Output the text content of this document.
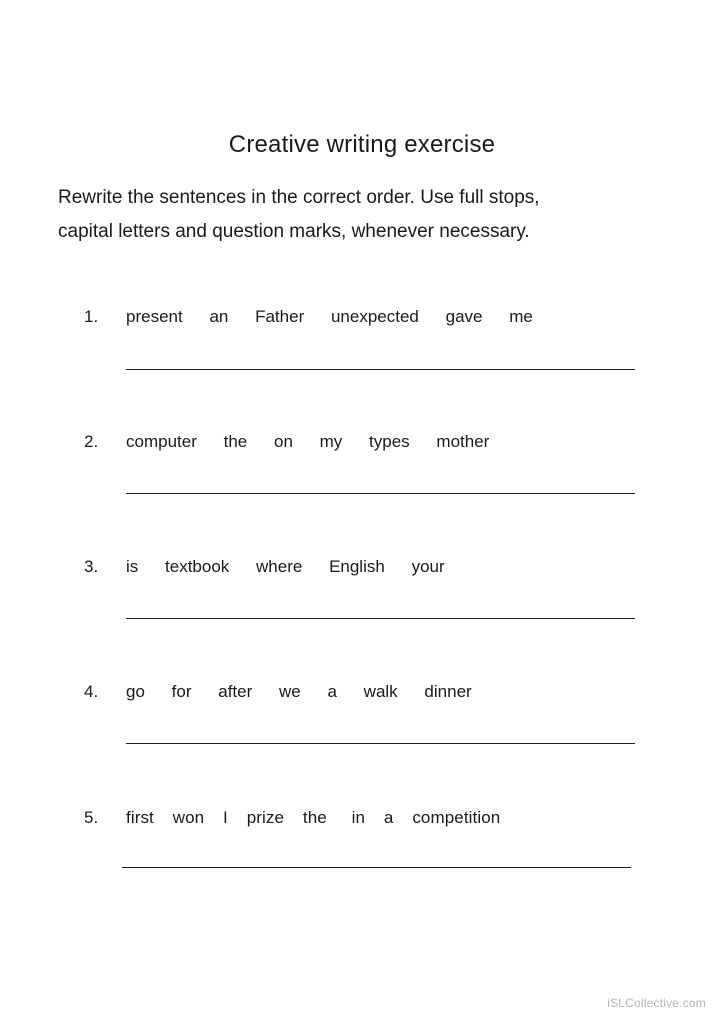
Creative writing exercise
Rewrite the sentences in the correct order. Use full stops,
capital letters and question marks, whenever necessary.
1. present an Father unexpected gave me
2. computer the on my types mother
3. is textbook where English your
4. go for after we a walk dinner
5. first won I prize the in a competition
iSLCollective.com
